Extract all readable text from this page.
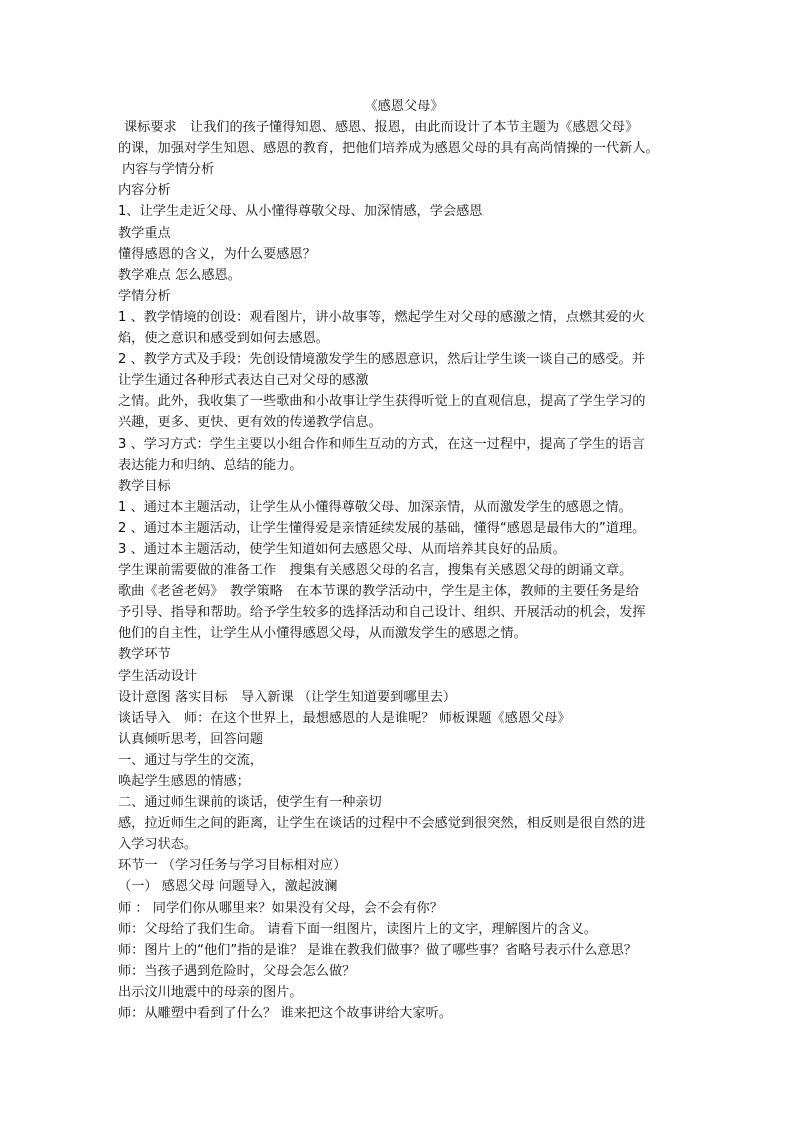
《感恩父母》
课标要求　让我们的孩子懂得知恩、感恩、报恩，由此而设计了本节主题为《感恩父母》
的课，加强对学生知恩、感恩的教育，把他们培养成为感恩父母的具有高尚情操的一代新人。
内容与学情分析
内容分析
1、让学生走近父母、从小懂得尊敬父母、加深情感，学会感恩
教学重点
懂得感恩的含义，为什么要感恩？
教学难点 怎么感恩。
学情分析
1 、教学情境的创设：观看图片，讲小故事等，燃起学生对父母的感激之情，点燃其爱的火
焰，使之意识和感受到如何去感恩。
2 、教学方式及手段：先创设情境激发学生的感恩意识，然后让学生谈一谈自己的感受。并
让学生通过各种形式表达自己对父母的感激
之情。此外，我收集了一些歌曲和小故事让学生获得听觉上的直观信息，提高了学生学习的
兴趣，更多、更快、更有效的传递教学信息。
3 、学习方式：学生主要以小组合作和师生互动的方式，在这一过程中，提高了学生的语言
表达能力和归纳、总结的能力。
教学目标
1 、通过本主题活动，让学生从小懂得尊敬父母、加深亲情，从而激发学生的感恩之情。
2 、通过本主题活动，让学生懂得爱是亲情延续发展的基础，懂得“感恩是最伟大的”道理。
3 、通过本主题活动，使学生知道如何去感恩父母、从而培养其良好的品质。
学生课前需要做的准备工作　搜集有关感恩父母的名言，搜集有关感恩父母的朗诵文章。
歌曲《老爸老妈》　教学策略　在本节课的教学活动中，学生是主体，教师的主要任务是给
予引导、指导和帮助。给予学生较多的选择活动和自己设计、组织、开展活动的机会，发挥
他们的自主性，让学生从小懂得感恩父母，从而激发学生的感恩之情。
教学环节
学生活动设计
设计意图 落实目标　导入新课 （让学生知道要到哪里去）
谈话导入　师：在这个世界上，最想感恩的人是谁呢？ 师板课题《感恩父母》
认真倾听思考，回答问题
一、通过与学生的交流，
唤起学生感恩的情感；
二、通过师生课前的谈话，使学生有一种亲切
感，拉近师生之间的距离，让学生在谈话的过程中不会感觉到很突然，相反则是很自然的进
入学习状态。
环节一 （学习任务与学习目标相对应）
（一） 感恩父母 问题导入，激起波澜
师 ： 同学们你从哪里来？如果没有父母，会不会有你？
师：父母给了我们生命。 请看下面一组图片，读图片上的文字，理解图片的含义。
师：图片上的“他们”指的是谁？ 是谁在教我们做事？做了哪些事？省略号表示什么意思？
师：当孩子遇到危险时，父母会怎么做？
出示汶川地震中的母亲的图片。
师：从雕塑中看到了什么？ 谁来把这个故事讲给大家听。
